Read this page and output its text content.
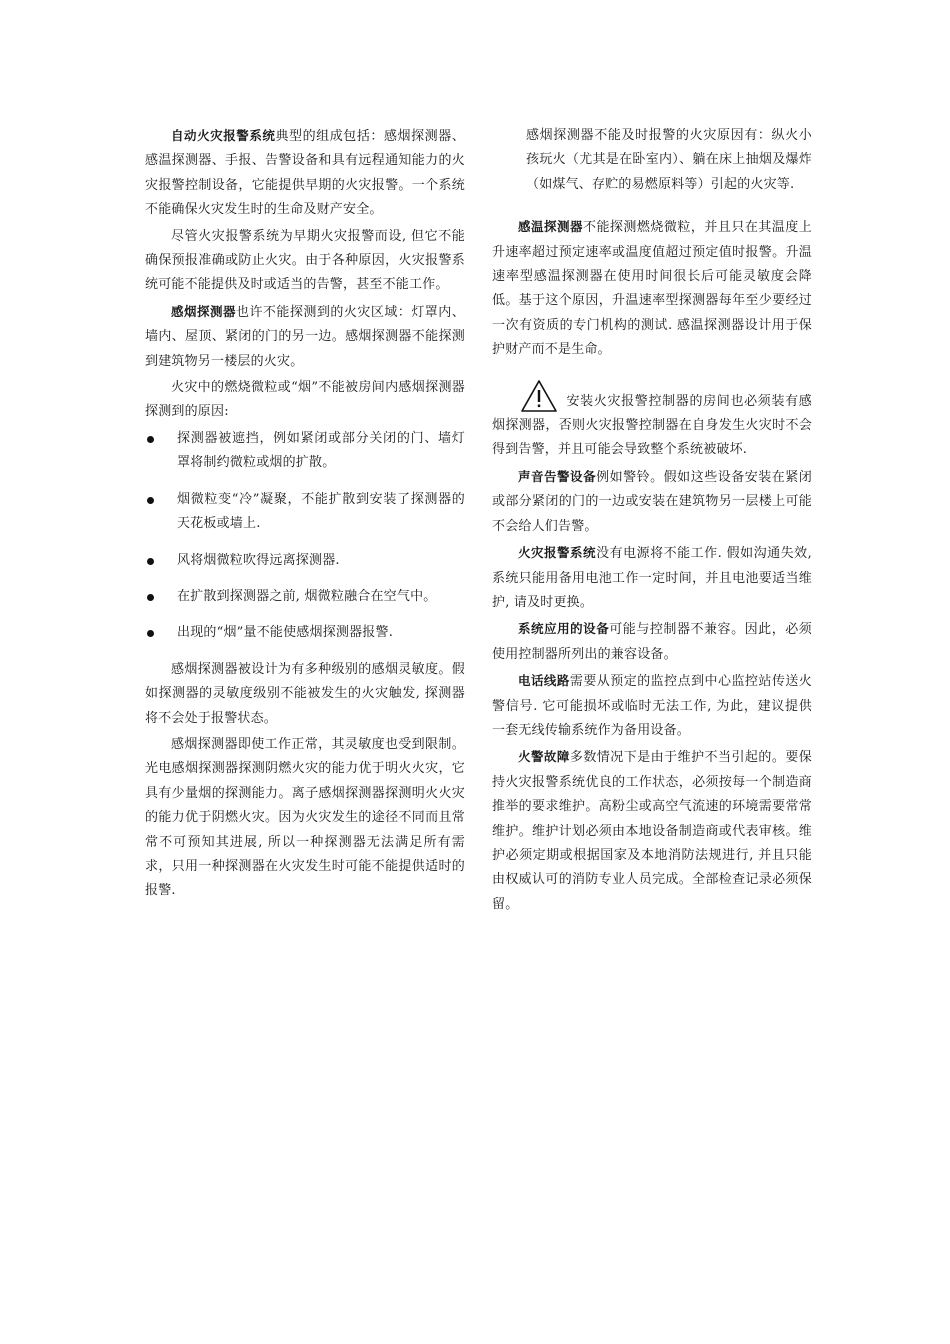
自动火灾报警系统典型的组成包括：感烟探测器、感温探测器、手报、告警设备和具有远程通知能力的火灾报警控制设备，它能提供早期的火灾报警。一个系统不能确保火灾发生时的生命及财产安全。

尽管火灾报警系统为早期火灾报警而设, 但它不能确保预报准确或防止火灾。由于各种原因，火灾报警系统可能不能提供及时或适当的告警，甚至不能工作。

感烟探测器也许不能探测到的火灾区域：灯罩内、墙内、屋顶、紧闭的门的另一边。感烟探测器不能探测到建筑物另一楼层的火灾。

火灾中的燃烧微粒或“烟”不能被房间内感烟探测器探测到的原因:

探测器被遮挡，例如紧闭或部分关闭的门、墙灯罩将制约微粒或烟的扩散。
烟微粒变“冷”凝聚，不能扩散到安装了探测器的天花板或墙上.
风将烟微粒吹得远离探测器.
在扩散到探测器之前, 烟微粒融合在空气中。
出现的“烟”量不能使感烟探测器报警.

感烟探测器被设计为有多种级别的感烟灵敏度。假如探测器的灵敏度级别不能被发生的火灾触发, 探测器将不会处于报警状态。

感烟探测器即使工作正常，其灵敏度也受到限制。光电感烟探测器探测阴燃火灾的能力优于明火火灾，它具有少量烟的探测能力。离子感烟探测器探测明火火灾的能力优于阴燃火灾。因为火灾发生的途径不同而且常常不可预知其进展, 所以一种探测器无法满足所有需求，只用一种探测器在火灾发生时可能不能提供适时的报警.

感烟探测器不能及时报警的火灾原因有：纵火小孩玩火（尤其是在卧室内）、躺在床上抽烟及爆炸（如煤气、存贮的易燃原料等）引起的火灾等.

感温探测器不能探测燃烧微粒，并且只在其温度上升速率超过预定速率或温度值超过预定值时报警。升温速率型感温探测器在使用时间很长后可能灵敏度会降低。基于这个原因，升温速率型探测器每年至少要经过一次有资质的专门机构的测试. 感温探测器设计用于保护财产而不是生命。

安装火灾报警控制器的房间也必须装有感烟探测器，否则火灾报警控制器在自身发生火灾时不会得到告警，并且可能会导致整个系统被破坏.

声音告警设备例如警铃。假如这些设备安装在紧闭或部分紧闭的门的一边或安装在建筑物另一层楼上可能不会给人们告警。

火灾报警系统没有电源将不能工作. 假如沟通失效, 系统只能用备用电池工作一定时间，并且电池要适当维护, 请及时更换。

系统应用的设备可能与控制器不兼容。因此，必须使用控制器所列出的兼容设备。

电话线路需要从预定的监控点到中心监控站传送火警信号. 它可能损坏或临时无法工作, 为此，建议提供一套无线传输系统作为备用设备。

火警故障多数情况下是由于维护不当引起的。要保持火灾报警系统优良的工作状态，必须按每一个制造商推举的要求维护。高粉尘或高空气流速的环境需要常常维护。维护计划必须由本地设备制造商或代表审核。维护必须定期或根据国家及本地消防法规进行, 并且只能由权威认可的消防专业人员完成。全部检查记录必须保留。
